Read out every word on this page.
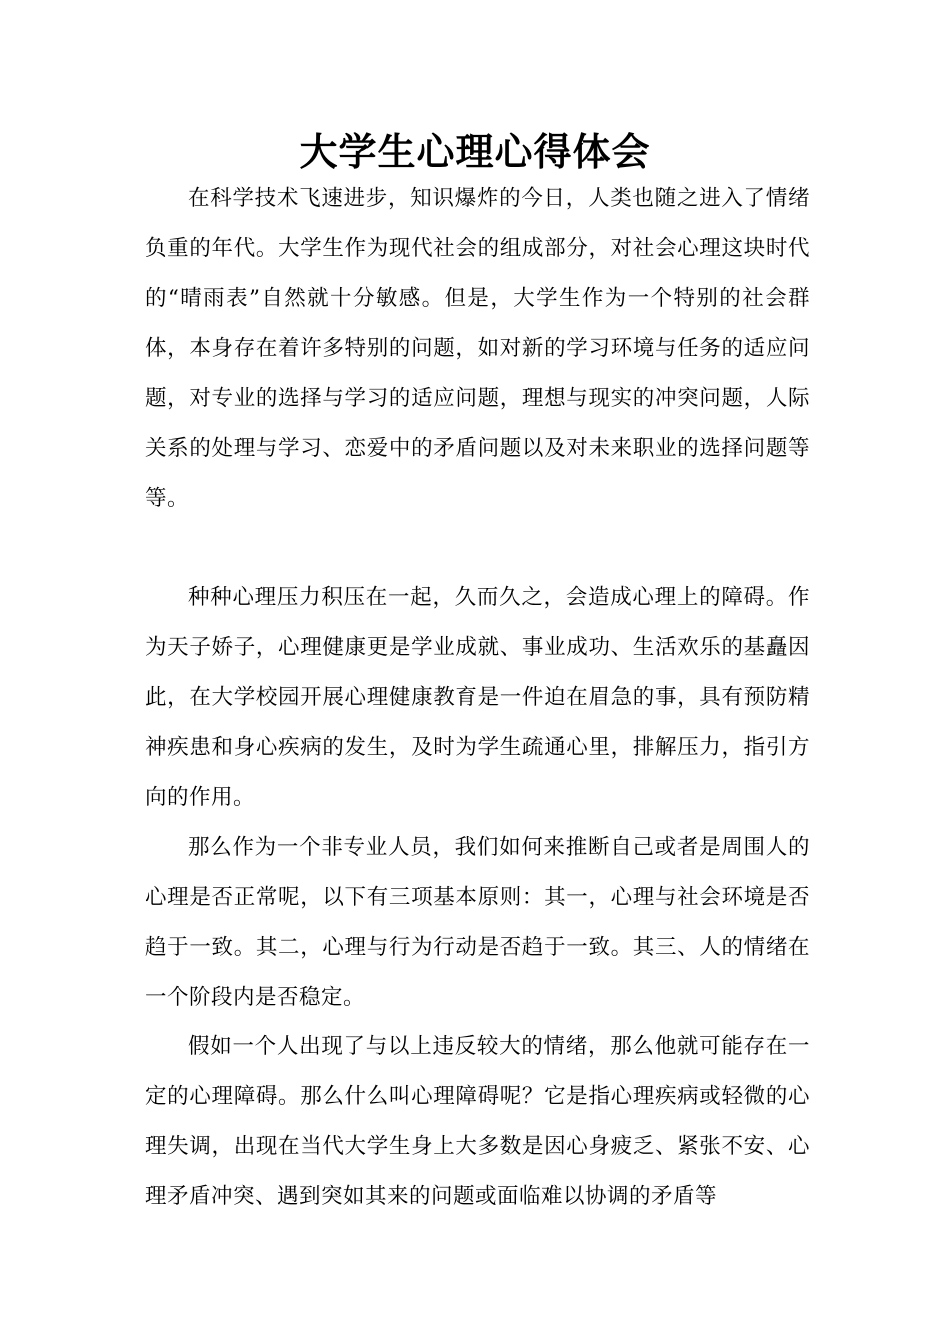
大学生心理心得体会

在科学技术飞速进步，知识爆炸的今日，人类也随之进入了情绪负重的年代。大学生作为现代社会的组成部分，对社会心理这块时代的“晴雨表”自然就十分敏感。但是，大学生作为一个特别的社会群体，本身存在着许多特别的问题，如对新的学习环境与任务的适应问题，对专业的选择与学习的适应问题，理想与现实的冲突问题，人际关系的处理与学习、恋爱中的矛盾问题以及对未来职业的选择问题等等。

种种心理压力积压在一起，久而久之，会造成心理上的障碍。作为天子娇子，心理健康更是学业成就、事业成功、生活欢乐的基矗因此，在大学校园开展心理健康教育是一件迫在眉急的事，具有预防精神疾患和身心疾病的发生，及时为学生疏通心里，排解压力，指引方向的作用。

那么作为一个非专业人员，我们如何来推断自己或者是周围人的心理是否正常呢，以下有三项基本原则：其一，心理与社会环境是否趋于一致。其二，心理与行为行动是否趋于一致。其三、人的情绪在一个阶段内是否稳定。

假如一个人出现了与以上违反较大的情绪，那么他就可能存在一定的心理障碍。那么什么叫心理障碍呢？它是指心理疾病或轻微的心理失调，出现在当代大学生身上大多数是因心身疲乏、紧张不安、心理矛盾冲突、遇到突如其来的问题或面临难以协调的矛盾等
